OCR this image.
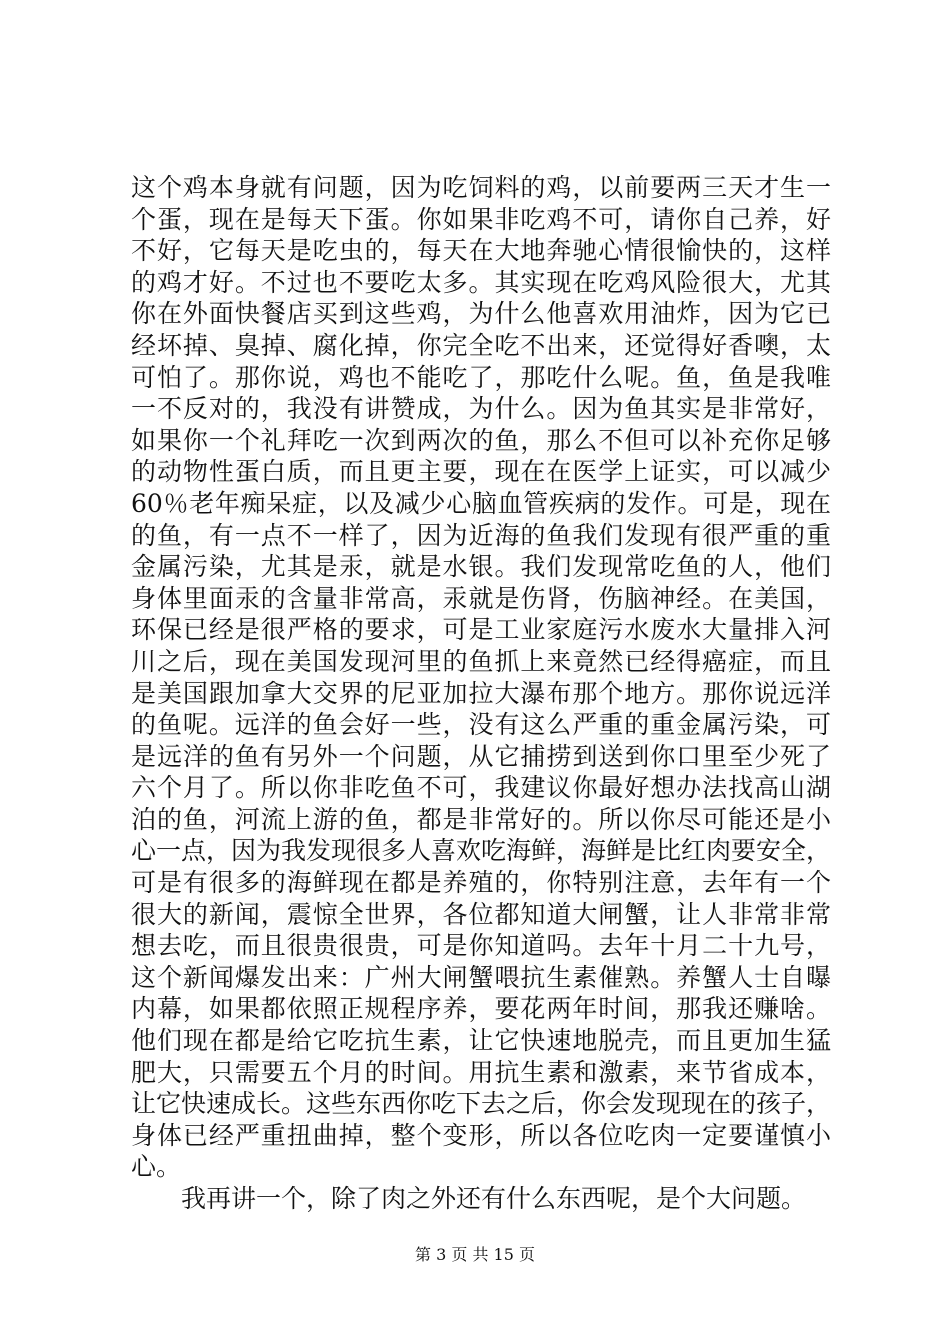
这个鸡本身就有问题，因为吃饲料的鸡，以前要两三天才生一
个蛋，现在是每天下蛋。你如果非吃鸡不可，请你自己养，好
不好，它每天是吃虫的，每天在大地奔驰心情很愉快的，这样
的鸡才好。不过也不要吃太多。其实现在吃鸡风险很大，尤其
你在外面快餐店买到这些鸡，为什么他喜欢用油炸，因为它已
经坏掉、臭掉、腐化掉，你完全吃不出来，还觉得好香噢，太
可怕了。那你说，鸡也不能吃了，那吃什么呢。鱼，鱼是我唯
一不反对的，我没有讲赞成，为什么。因为鱼其实是非常好，
如果你一个礼拜吃一次到两次的鱼，那么不但可以补充你足够
的动物性蛋白质，而且更主要，现在在医学上证实，可以减少
60％老年痴呆症，以及减少心脑血管疾病的发作。可是，现在
的鱼，有一点不一样了，因为近海的鱼我们发现有很严重的重
金属污染，尤其是汞，就是水银。我们发现常吃鱼的人，他们
身体里面汞的含量非常高，汞就是伤肾，伤脑神经。在美国，
环保已经是很严格的要求，可是工业家庭污水废水大量排入河
川之后，现在美国发现河里的鱼抓上来竟然已经得癌症，而且
是美国跟加拿大交界的尼亚加拉大瀑布那个地方。那你说远洋
的鱼呢。远洋的鱼会好一些，没有这么严重的重金属污染，可
是远洋的鱼有另外一个问题，从它捕捞到送到你口里至少死了
六个月了。所以你非吃鱼不可，我建议你最好想办法找高山湖
泊的鱼，河流上游的鱼，都是非常好的。所以你尽可能还是小
心一点，因为我发现很多人喜欢吃海鲜，海鲜是比红肉要安全，
可是有很多的海鲜现在都是养殖的，你特别注意，去年有一个
很大的新闻，震惊全世界，各位都知道大闸蟹，让人非常非常
想去吃，而且很贵很贵，可是你知道吗。去年十月二十九号，
这个新闻爆发出来：广州大闸蟹喂抗生素催熟。养蟹人士自曝
内幕，如果都依照正规程序养，要花两年时间，那我还赚啥。
他们现在都是给它吃抗生素，让它快速地脱壳，而且更加生猛
肥大，只需要五个月的时间。用抗生素和激素，来节省成本，
让它快速成长。这些东西你吃下去之后，你会发现现在的孩子，
身体已经严重扭曲掉，整个变形，所以各位吃肉一定要谨慎小
心。
我再讲一个，除了肉之外还有什么东西呢，是个大问题。
第 3 页 共 15 页
